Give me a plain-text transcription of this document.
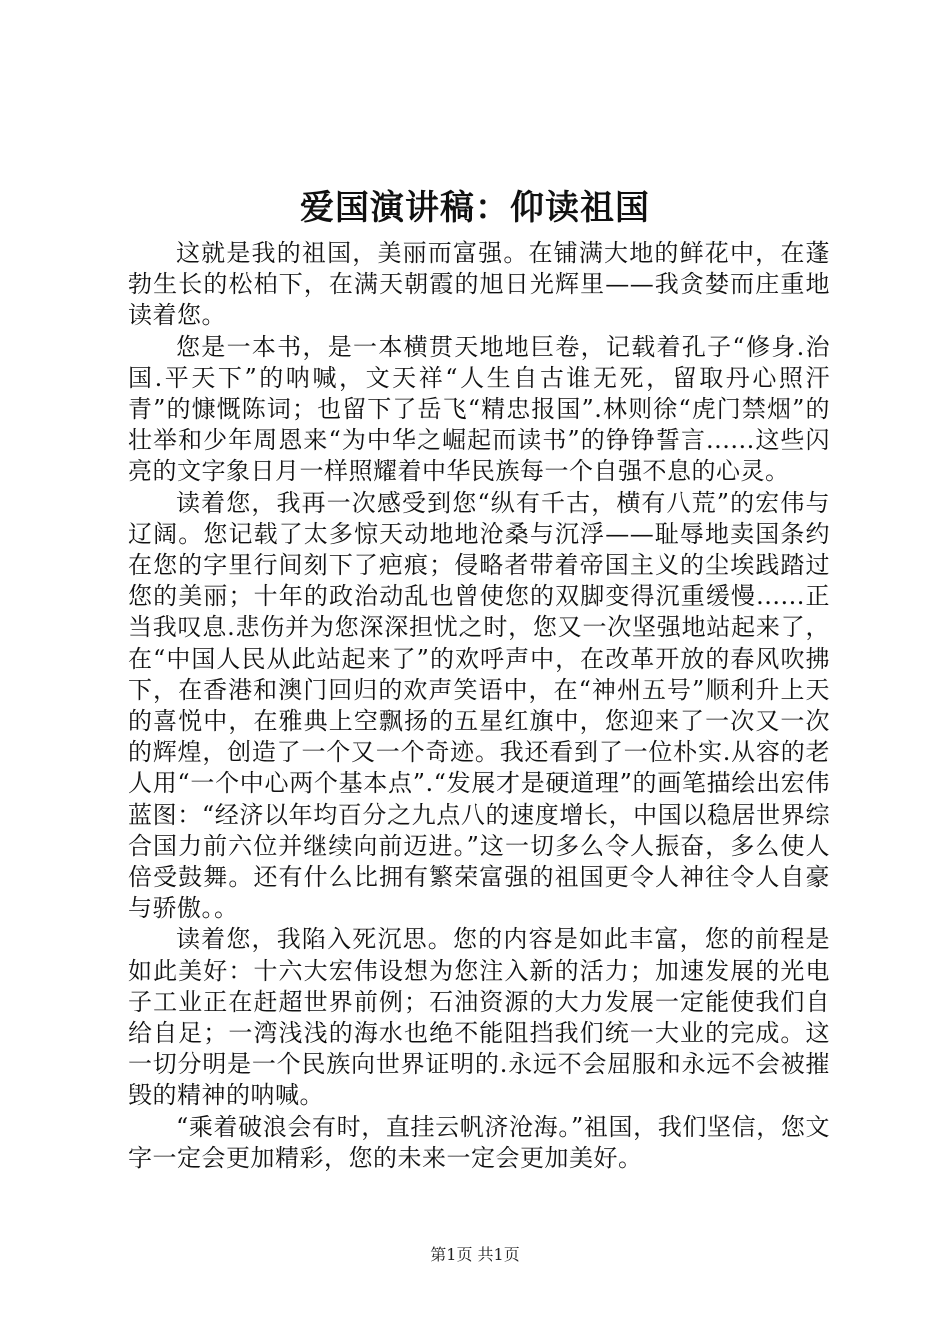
爱国演讲稿：仰读祖国

这就是我的祖国，美丽而富强。在铺满大地的鲜花中，在蓬勃生长的松柏下，在满天朝霞的旭日光辉里——我贪婪而庄重地读着您。

您是一本书，是一本横贯天地地巨卷，记载着孔子“修身.治国.平天下”的呐喊，文天祥“人生自古谁无死，留取丹心照汗青”的慷慨陈词；也留下了岳飞“精忠报国”.林则徐“虎门禁烟”的壮举和少年周恩来“为中华之崛起而读书”的铮铮誓言......这些闪亮的文字象日月一样照耀着中华民族每一个自强不息的心灵。

读着您，我再一次感受到您“纵有千古，横有八荒”的宏伟与辽阔。您记载了太多惊天动地地沧桑与沉浮——耻辱地卖国条约在您的字里行间刻下了疤痕；侵略者带着帝国主义的尘埃践踏过您的美丽；十年的政治动乱也曾使您的双脚变得沉重缓慢......正当我叹息.悲伤并为您深深担忧之时，您又一次坚强地站起来了，在“中国人民从此站起来了”的欢呼声中，在改革开放的春风吹拂下，在香港和澳门回归的欢声笑语中，在“神州五号”顺利升上天的喜悦中，在雅典上空飘扬的五星红旗中，您迎来了一次又一次的辉煌，创造了一个又一个奇迹。我还看到了一位朴实.从容的老人用“一个中心两个基本点”.“发展才是硬道理”的画笔描绘出宏伟蓝图：“经济以年均百分之九点八的速度增长，中国以稳居世界综合国力前六位并继续向前迈进。”这一切多么令人振奋，多么使人倍受鼓舞。还有什么比拥有繁荣富强的祖国更令人神往令人自豪与骄傲。。

读着您，我陷入死沉思。您的内容是如此丰富，您的前程是如此美好：十六大宏伟设想为您注入新的活力；加速发展的光电子工业正在赶超世界前例；石油资源的大力发展一定能使我们自给自足；一湾浅浅的海水也绝不能阻挡我们统一大业的完成。这一切分明是一个民族向世界证明的.永远不会屈服和永远不会被摧毁的精神的呐喊。

“乘着破浪会有时，直挂云帆济沧海。”祖国，我们坚信，您文字一定会更加精彩，您的未来一定会更加美好。

第1页 共1页
